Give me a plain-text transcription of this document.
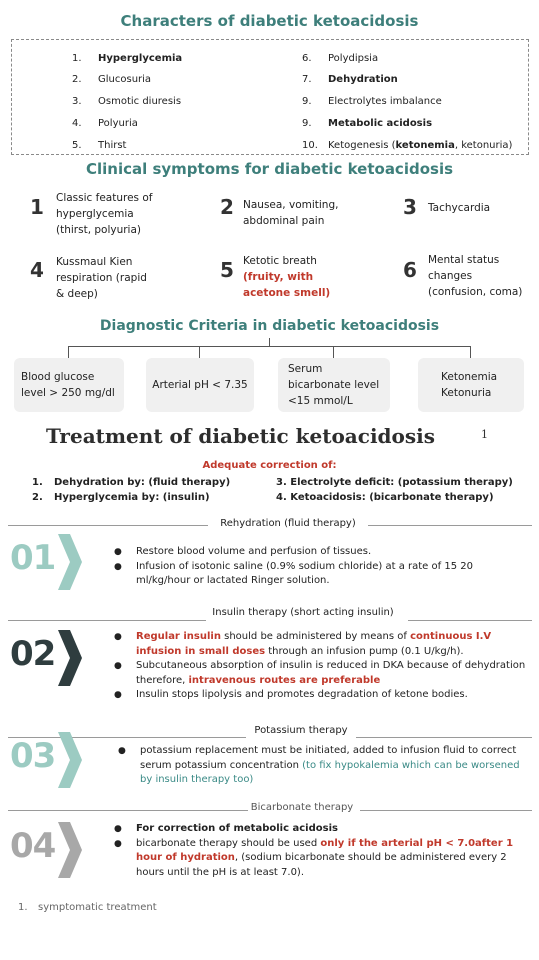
Characters of diabetic ketoacidosis
1. Hyperglycemia
2. Glucosuria
3. Osmotic diuresis
4. Polyuria
5. Thirst
6. Polydipsia
7. Dehydration
9. Electrolytes imbalance
9. Metabolic acidosis
10. Ketogenesis (ketonemia, ketonuria)
Clinical symptoms for diabetic ketoacidosis
1 Classic features of hyperglycemia (thirst, polyuria)
2 Nausea, vomiting, abdominal pain
3 Tachycardia
4 Kussmaul Kien respiration (rapid & deep)
5 Ketotic breath
(fruity, with acetone smell)
6 Mental status changes (confusion, coma)
Diagnostic Criteria in diabetic ketoacidosis
Blood glucose level > 250 mg/dl
Arterial pH < 7.35
Serum bicarbonate level <15 mmol/L
Ketonemia Ketonuria
Treatment of diabetic ketoacidosis	1
Adequate correction of:
1. Dehydration by: (fluid therapy)
2. Hyperglycemia by: (insulin)
3. Electrolyte deficit: (potassium therapy)
4. Ketoacidosis: (bicarbonate therapy)
Rehydration (fluid therapy)
01	● Restore blood volume and perfusion of tissues.
● Infusion of isotonic saline (0.9% sodium chloride) at a rate of 15 20 ml/kg/hour or lactated Ringer solution.
Insulin therapy (short acting insulin)
02	● Regular insulin should be administered by means of continuous I.V infusion in small doses through an infusion pump (0.1 U/kg/h).
● Subcutaneous absorption of insulin is reduced in DKA because of dehydration therefore, intravenous routes are preferable
● Insulin stops lipolysis and promotes degradation of ketone bodies.
Potassium therapy
03	● potassium replacement must be initiated, added to infusion fluid to correct serum potassium concentration (to fix hypokalemia which can be worsened by insulin therapy too)
Bicarbonate therapy
04	● For correction of metabolic acidosis
● bicarbonate therapy should be used only if the arterial pH < 7.0after 1 hour of hydration, (sodium bicarbonate should be administered every 2 hours until the pH is at least 7.0).
1. symptomatic treatment
